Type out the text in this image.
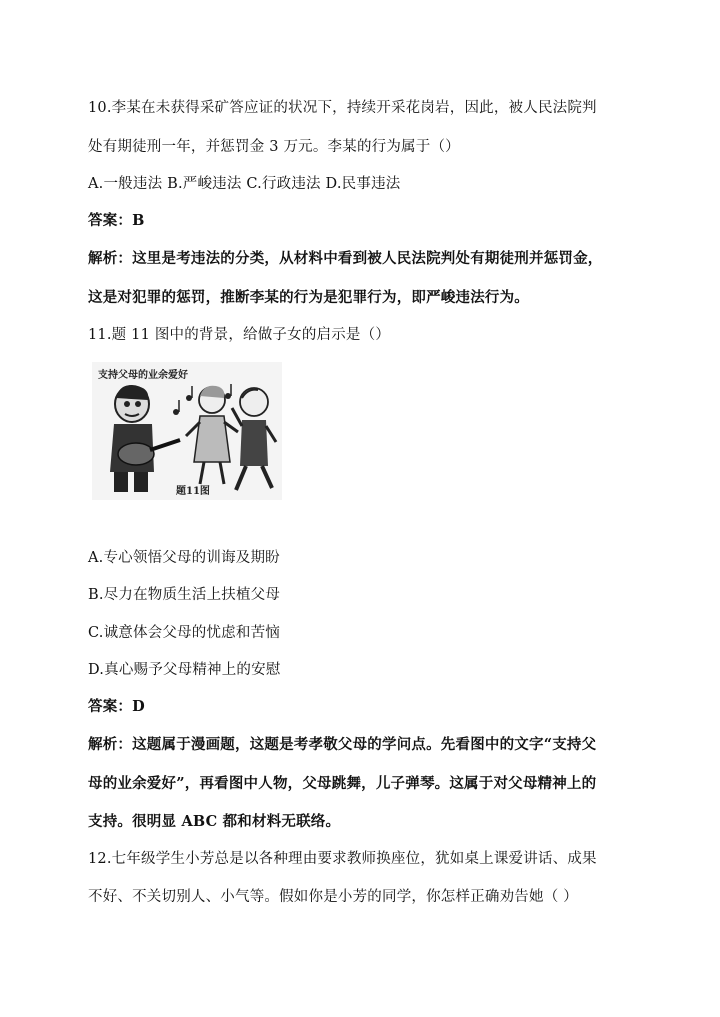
10.李某在未获得采矿答应证的状况下，持续开采花岗岩，因此，被人民法院判
处有期徒刑一年，并惩罚金 3 万元。李某的行为属于（）
A.一般违法 B.严峻违法 C.行政违法 D.民事违法
答案：B
解析：这里是考违法的分类，从材料中看到被人民法院判处有期徒刑并惩罚金，
这是对犯罪的惩罚，推断李某的行为是犯罪行为，即严峻违法行为。
11.题 11 图中的背景，给做子女的启示是（）
支持父母的业余爱好
题11图
A.专心领悟父母的训诲及期盼
B.尽力在物质生活上扶植父母
C.诚意体会父母的忧虑和苦恼
D.真心赐予父母精神上的安慰
答案：D
解析：这题属于漫画题，这题是考孝敬父母的学问点。先看图中的文字“支持父
母的业余爱好”，再看图中人物，父母跳舞，儿子弹琴。这属于对父母精神上的
支持。很明显 ABC 都和材料无联络。
12.七年级学生小芳总是以各种理由要求教师换座位，犹如桌上课爱讲话、成果
不好、不关切别人、小气等。假如你是小芳的同学，你怎样正确劝告她（ ）
